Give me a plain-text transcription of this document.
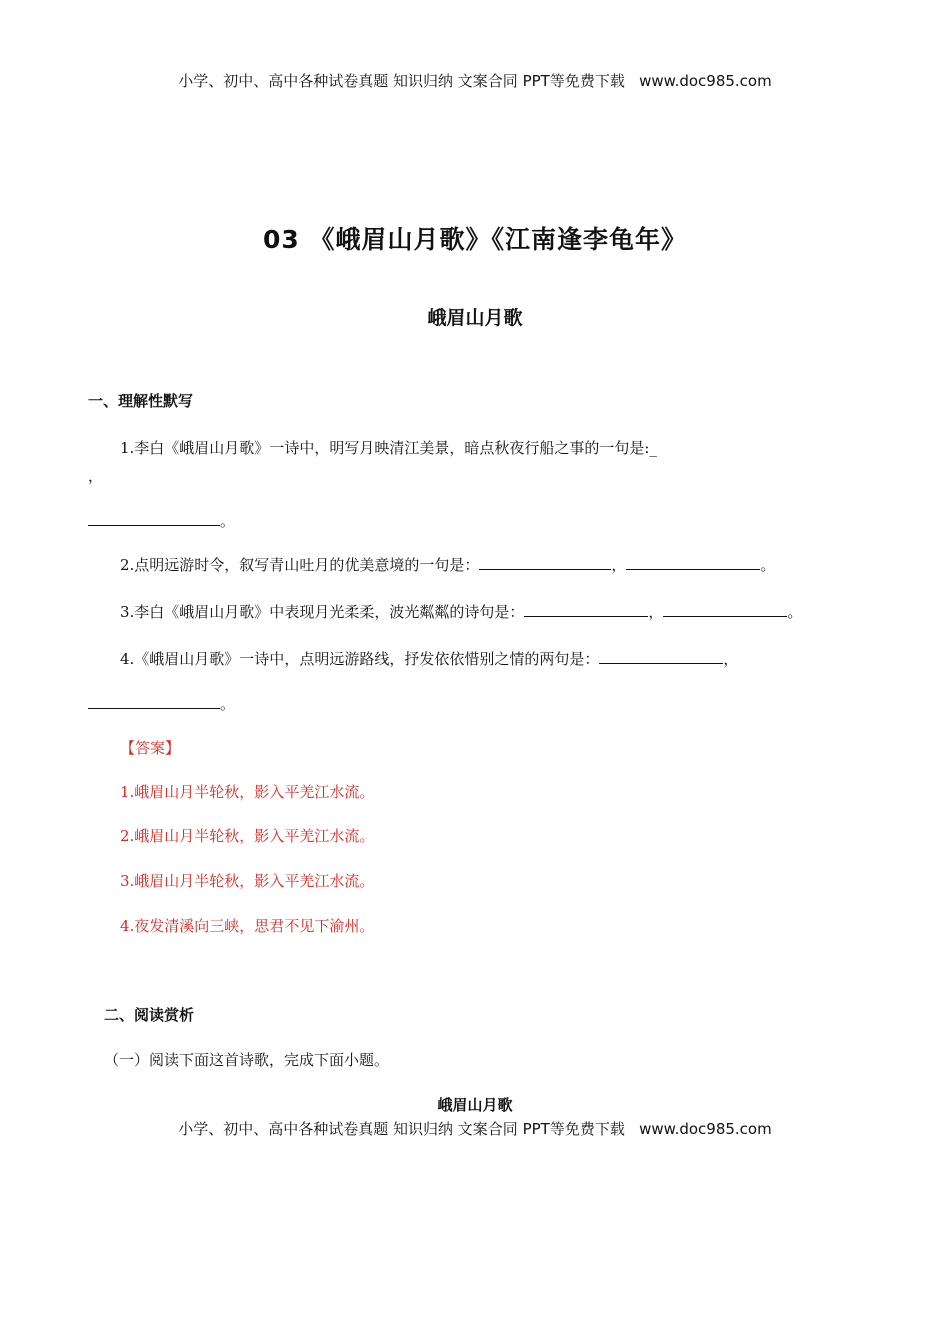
小学、初中、高中各种试卷真题 知识归纳 文案合同 PPT等免费下载 www.doc985.com
03 《峨眉山月歌》《江南逢李龟年》
峨眉山月歌
一、理解性默写
1.李白《峨眉山月歌》一诗中，明写月映清江美景，暗点秋夜行船之事的一句是:_
，
。
2.点明远游时令，叙写青山吐月的优美意境的一句是：	，	。
3.李白《峨眉山月歌》中表现月光柔柔，波光粼粼的诗句是：	，	。
4.《峨眉山月歌》一诗中，点明远游路线，抒发依依惜别之情的两句是：	，
。
【答案】
1.峨眉山月半轮秋，影入平羌江水流。
2.峨眉山月半轮秋，影入平羌江水流。
3.峨眉山月半轮秋，影入平羌江水流。
4.夜发清溪向三峡，思君不见下渝州。
二、阅读赏析
（一）阅读下面这首诗歌，完成下面小题。
峨眉山月歌
小学、初中、高中各种试卷真题 知识归纳 文案合同 PPT等免费下载 www.doc985.com
